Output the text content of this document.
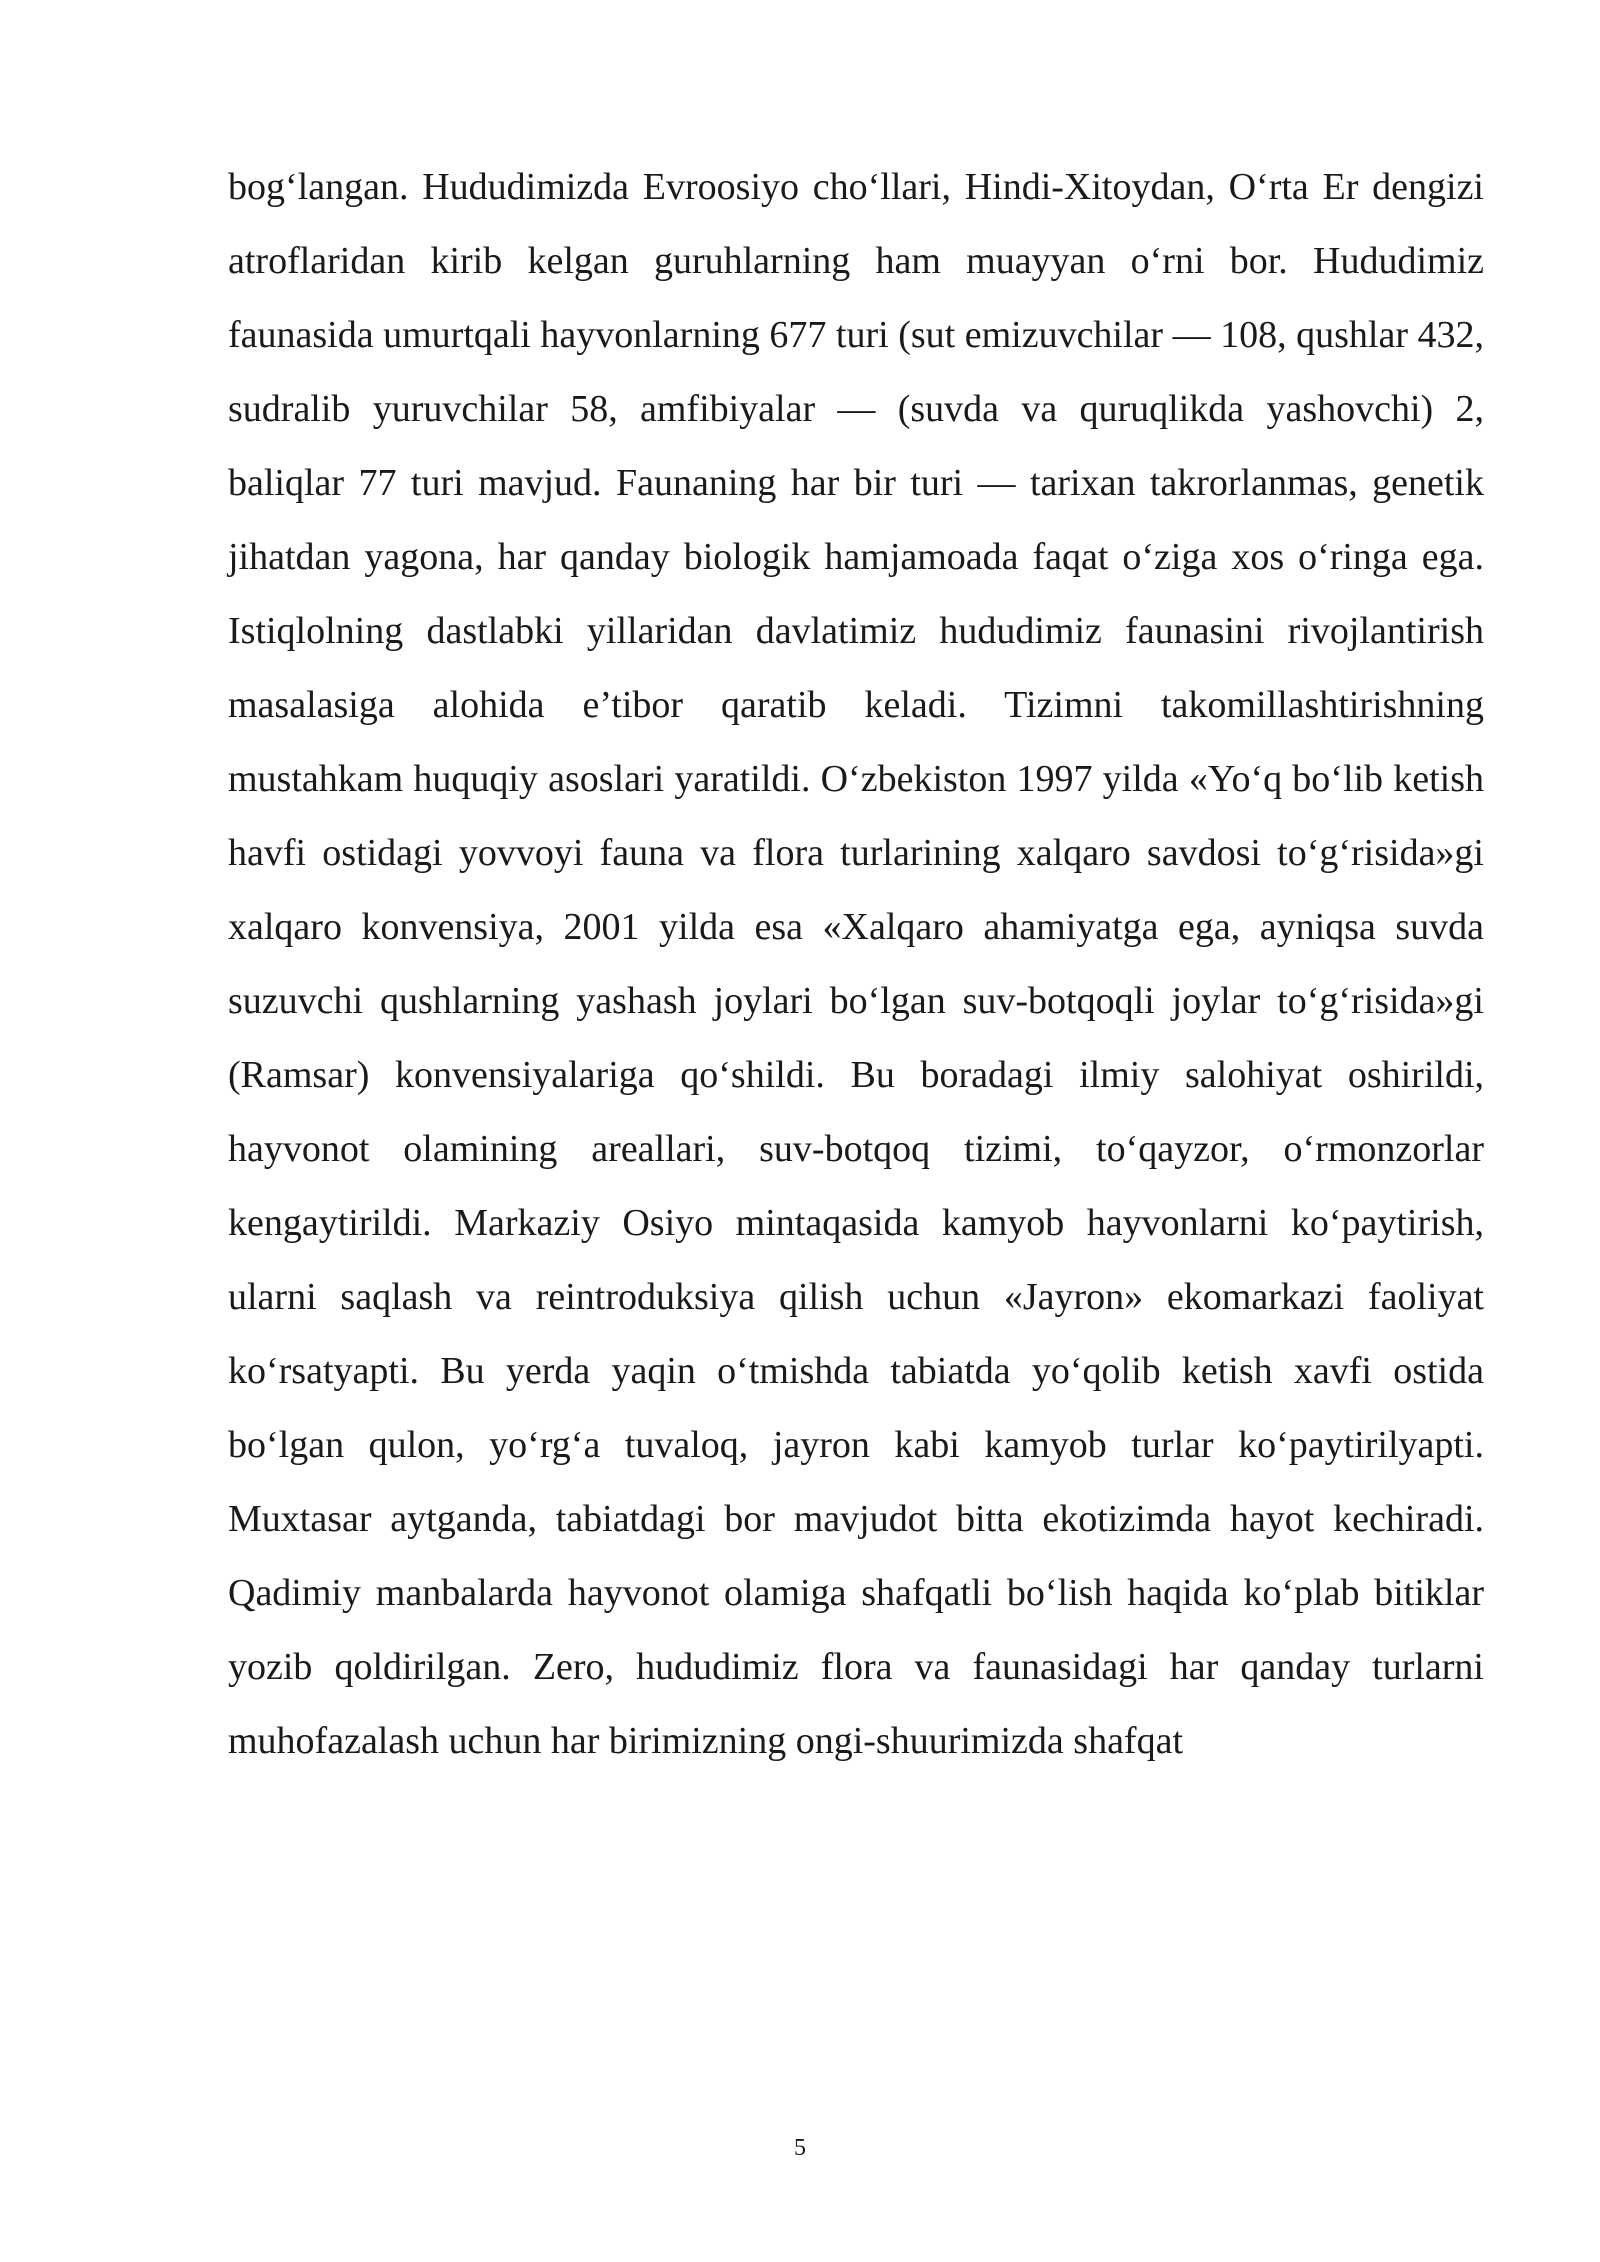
bog‘langan. Hududimizda Evroosiyo cho‘llari, Hindi-Xitoydan, O‘rta Er dengizi atroflaridan kirib kelgan guruhlarning ham muayyan o‘rni bor. Hududimiz faunasida umurtqali hayvonlarning 677 turi (sut emizuvchilar — 108, qushlar 432, sudralib yuruvchilar 58, amfibiyalar — (suvda va quruqlikda yashovchi) 2, baliqlar 77 turi mavjud. Faunaning har bir turi — tarixan takrorlanmas, genetik jihatdan yagona, har qanday biologik hamjamoada faqat o‘ziga xos o‘ringa ega. Istiqlolning dastlabki yillaridan davlatimiz hududimiz faunasini rivojlantirish masalasiga alohida e’tibor qaratib keladi. Tizimni takomillashtirishning mustahkam huquqiy asoslari yaratildi. O‘zbekiston 1997 yilda «Yo‘q bo‘lib ketish havfi ostidagi yovvoyi fauna va flora turlarining xalqaro savdosi to‘g‘risida»gi xalqaro konvensiya, 2001 yilda esa «Xalqaro ahamiyatga ega, ayniqsa suvda suzuvchi qushlarning yashash joylari bo‘lgan suv-botqoqli joylar to‘g‘risida»gi (Ramsar) konvensiyalariga qo‘shildi. Bu boradagi ilmiy salohiyat oshirildi, hayvonot olamining areallari, suv-botqoq tizimi, to‘qayzor, o‘rmonzorlar kengaytirildi. Markaziy Osiyo mintaqasida kamyob hayvonlarni ko‘paytirish, ularni saqlash va reintroduksiya qilish uchun «Jayron» ekomarkazi faoliyat ko‘rsatyapti. Bu yerda yaqin o‘tmishda tabiatda yo‘qolib ketish xavfi ostida bo‘lgan qulon, yo‘rg‘a tuvaloq, jayron kabi kamyob turlar ko‘paytirilyapti. Muxtasar aytganda, tabiatdagi bor mavjudot bitta ekotizimda hayot kechiradi. Qadimiy manbalarda hayvonot olamiga shafqatli bo‘lish haqida ko‘plab bitiklar yozib qoldirilgan. Zero, hududimiz flora va faunasidagi har qanday turlarni muhofazalash uchun har birimizning ongi-shuurimizda shafqat

5
